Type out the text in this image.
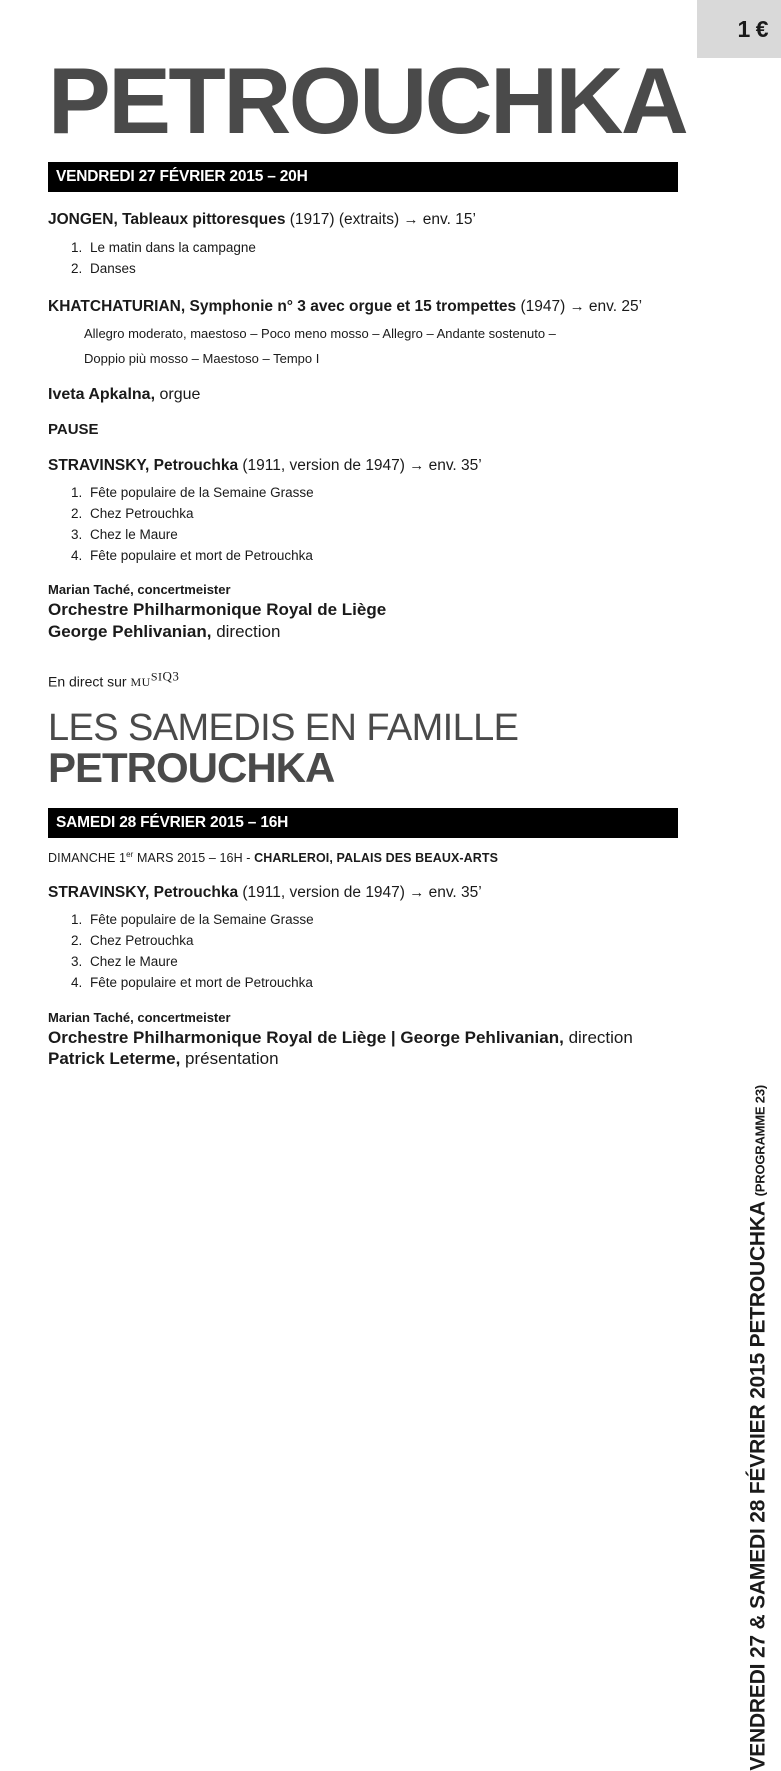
1 €
VENDREDI 27 & SAMEDI 28 FÉVRIER 2015 PETROUCHKA (PROGRAMME 23)
PETROUCHKA
VENDREDI 27 FÉVRIER 2015 – 20H
JONGEN, Tableaux pittoresques (1917) (extraits) → env. 15’
1. Le matin dans la campagne
2. Danses
KHATCHATURIAN, Symphonie n° 3 avec orgue et 15 trompettes (1947) → env. 25’
Allegro moderato, maestoso – Poco meno mosso – Allegro – Andante sostenuto –
Doppio più mosso – Maestoso – Tempo I
Iveta Apkalna, orgue
PAUSE
STRAVINSKY, Petrouchka (1911, version de 1947) → env. 35’
1. Fête populaire de la Semaine Grasse
2. Chez Petrouchka
3. Chez le Maure
4. Fête populaire et mort de Petrouchka
Marian Taché, concertmeister
Orchestre Philharmonique Royal de Liège
George Pehlivanian, direction
En direct sur MUSIQ3
LES SAMEDIS EN FAMILLE
PETROUCHKA
SAMEDI 28 FÉVRIER 2015 – 16H
DIMANCHE 1er MARS 2015 – 16H - CHARLEROI, PALAIS DES BEAUX-ARTS
STRAVINSKY, Petrouchka (1911, version de 1947) → env. 35’
1. Fête populaire de la Semaine Grasse
2. Chez Petrouchka
3. Chez le Maure
4. Fête populaire et mort de Petrouchka
Marian Taché, concertmeister
Orchestre Philharmonique Royal de Liège | George Pehlivanian, direction
Patrick Leterme, présentation
